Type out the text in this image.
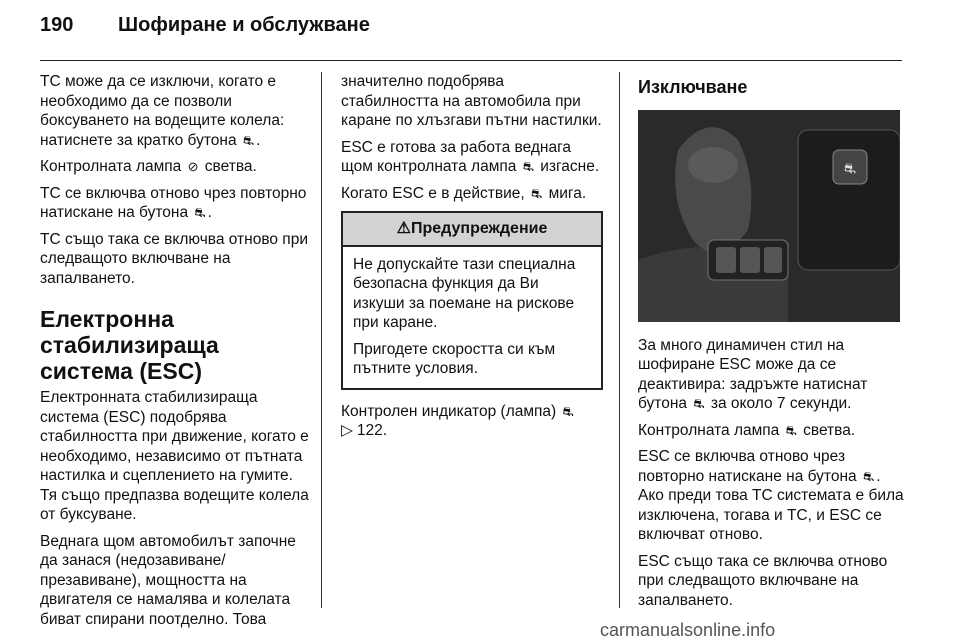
190 Шофиране и обслужване

TC може да се изключи, когато е необходимо да се позволи боксуването на водещите колела: натиснете за кратко бутона ⛐ .

Контролната лампа ⊘ светва.

TC се включва отново чрез повторно натискане на бутона ⛐ .

TC също така се включва отново при следващото включване на запалването.

Електронна стабилизираща система (ESC)

Електронната стабилизираща система (ESC) подобрява стабилността при движение, когато е необходимо, независимо от пътната настилка и сцеплението на гумите. Тя също предпазва водещите колела от буксуване.

Веднага щом автомобилът започне да занася (недозавиване/презавиване), мощността на двигателя се намалява и колелата биват спирани поотделно. Това

значително подобрява стабилността на автомобила при каране по хлъзгави пътни настилки.

ESC е готова за работа веднага щом контролната лампа ⛐ изгасне.

Когато ESC е в действие, ⛐ мига.

⚠Предупреждение

Не допускайте тази специална безопасна функция да Ви изкуши за поемане на рискове при каране.

Пригодете скоростта си към пътните условия.

Контролен индикатор (лампа) ⛐
▷ 122.

Изключване
⛐

За много динамичен стил на шофиране ESC може да се деактивира: задръжте натиснат бутона ⛐ за около 7 секунди.

Контролната лампа ⛐ светва.

ESC се включва отново чрез повторно натискане на бутона ⛐ .
Ако преди това TC системата е била изключена, тогава и TC, и ESC се включват отново.

ESC също така се включва отново при следващото включване на запалването.

carmanualsonline.info
